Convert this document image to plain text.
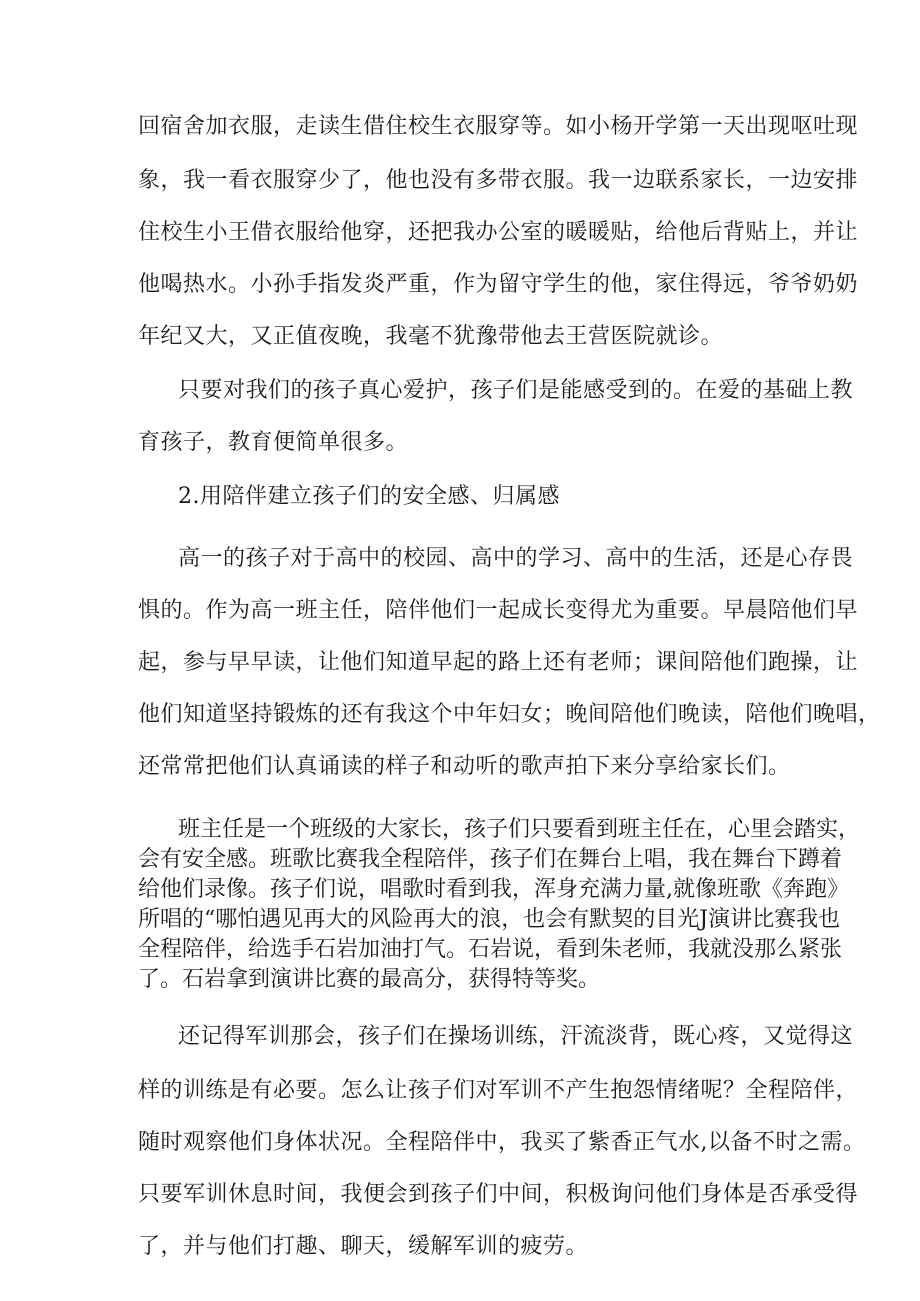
回宿舍加衣服，走读生借住校生衣服穿等。如小杨开学第一天出现呕吐现

象，我一看衣服穿少了，他也没有多带衣服。我一边联系家长，一边安排

住校生小王借衣服给他穿，还把我办公室的暖暖贴，给他后背贴上，并让

他喝热水。小孙手指发炎严重，作为留守学生的他，家住得远，爷爷奶奶

年纪又大，又正值夜晚，我毫不犹豫带他去王营医院就诊。

只要对我们的孩子真心爱护，孩子们是能感受到的。在爱的基础上教

育孩子，教育便简单很多。

2.用陪伴建立孩子们的安全感、归属感

高一的孩子对于高中的校园、高中的学习、高中的生活，还是心存畏

惧的。作为高一班主任，陪伴他们一起成长变得尤为重要。早晨陪他们早

起，参与早早读，让他们知道早起的路上还有老师；课间陪他们跑操，让

他们知道坚持锻炼的还有我这个中年妇女；晚间陪他们晚读，陪他们晚唱，

还常常把他们认真诵读的样子和动听的歌声拍下来分享给家长们。

班主任是一个班级的大家长，孩子们只要看到班主任在，心里会踏实，

会有安全感。班歌比赛我全程陪伴，孩子们在舞台上唱，我在舞台下蹲着

给他们录像。孩子们说，唱歌时看到我，浑身充满力量,就像班歌《奔跑》

所唱的“哪怕遇见再大的风险再大的浪，也会有默契的目光J演讲比赛我也

全程陪伴，给选手石岩加油打气。石岩说，看到朱老师，我就没那么紧张

了。石岩拿到演讲比赛的最高分，获得特等奖。

还记得军训那会，孩子们在操场训练，汗流淡背，既心疼，又觉得这

样的训练是有必要。怎么让孩子们对军训不产生抱怨情绪呢？全程陪伴，

随时观察他们身体状况。全程陪伴中，我买了紫香正气水,以备不时之需。

只要军训休息时间，我便会到孩子们中间，积极询问他们身体是否承受得

了，并与他们打趣、聊天，缓解军训的疲劳。
